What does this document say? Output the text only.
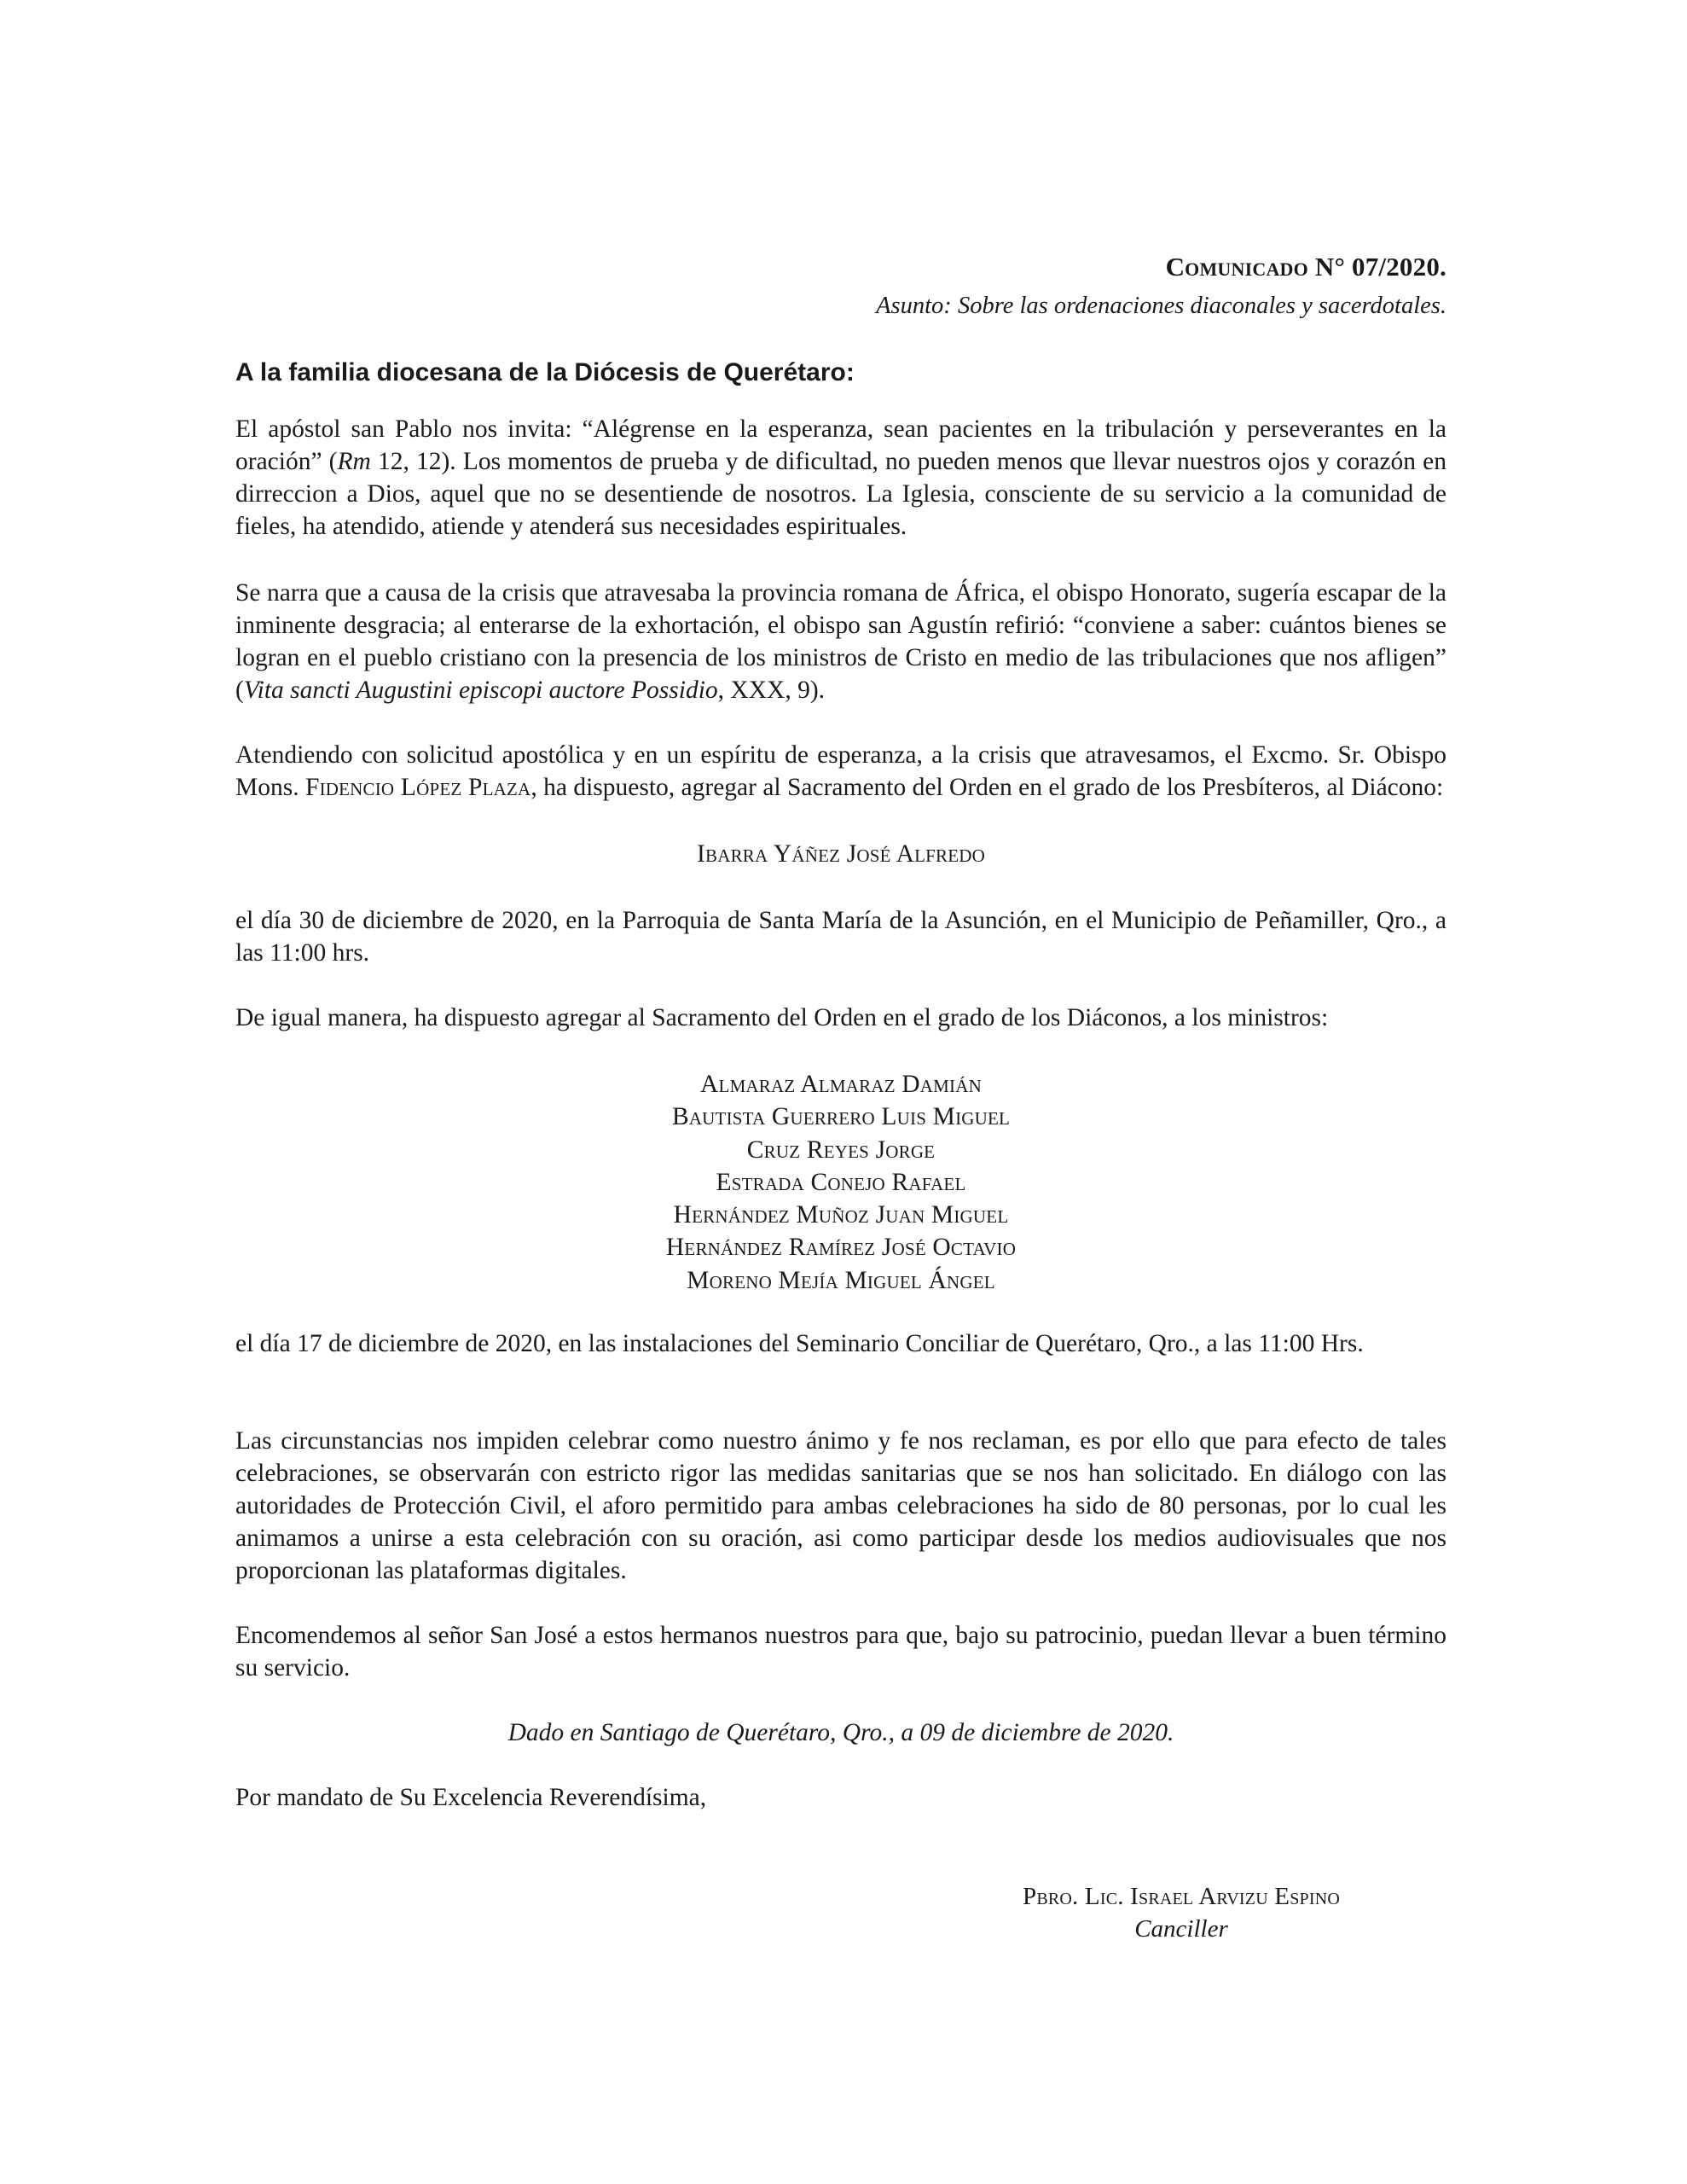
Comunicado N° 07/2020.

Asunto: Sobre las ordenaciones diaconales y sacerdotales.

A la familia diocesana de la Diócesis de Querétaro:

El apóstol san Pablo nos invita: “Alégrense en la esperanza, sean pacientes en la tribulación y perseverantes en la oración” (Rm 12, 12). Los momentos de prueba y de dificultad, no pueden menos que llevar nuestros ojos y corazón en dirreccion a Dios, aquel que no se desentiende de nosotros. La Iglesia, consciente de su servicio a la comunidad de fieles, ha atendido, atiende y atenderá sus necesidades espirituales.

Se narra que a causa de la crisis que atravesaba la provincia romana de África, el obispo Honorato, sugería escapar de la inminente desgracia; al enterarse de la exhortación, el obispo san Agustín refirió: “conviene a saber: cuántos bienes se logran en el pueblo cristiano con la presencia de los ministros de Cristo en medio de las tribulaciones que nos afligen” (Vita sancti Augustini episcopi auctore Possidio, XXX, 9).

Atendiendo con solicitud apostólica y en un espíritu de esperanza, a la crisis que atravesamos, el Excmo. Sr. Obispo Mons. Fidencio López Plaza, ha dispuesto, agregar al Sacramento del Orden en el grado de los Presbíteros, al Diácono:

Ibarra Yáñez José Alfredo

el día 30 de diciembre de 2020, en la Parroquia de Santa María de la Asunción, en el Municipio de Peñamiller, Qro., a las 11:00 hrs.

De igual manera, ha dispuesto agregar al Sacramento del Orden en el grado de los Diáconos, a los ministros:

Almaraz Almaraz Damián
Bautista Guerrero Luis Miguel
Cruz Reyes Jorge
Estrada Conejo Rafael
Hernández Muñoz Juan Miguel
Hernández Ramírez José Octavio
Moreno Mejía Miguel Ángel

el día 17 de diciembre de 2020, en las instalaciones del Seminario Conciliar de Querétaro, Qro., a las 11:00 Hrs.

Las circunstancias nos impiden celebrar como nuestro ánimo y fe nos reclaman, es por ello que para efecto de tales celebraciones, se observarán con estricto rigor las medidas sanitarias que se nos han solicitado. En diálogo con las autoridades de Protección Civil, el aforo permitido para ambas celebraciones ha sido de 80 personas, por lo cual les animamos a unirse a esta celebración con su oración, asi como participar desde los medios audiovisuales que nos proporcionan las plataformas digitales.

Encomendemos al señor San José a estos hermanos nuestros para que, bajo su patrocinio, puedan llevar a buen término su servicio.

Dado en Santiago de Querétaro, Qro., a 09 de diciembre de 2020.

Por mandato de Su Excelencia Reverendísima,

Pbro. Lic. Israel Arvizu Espino

Canciller
